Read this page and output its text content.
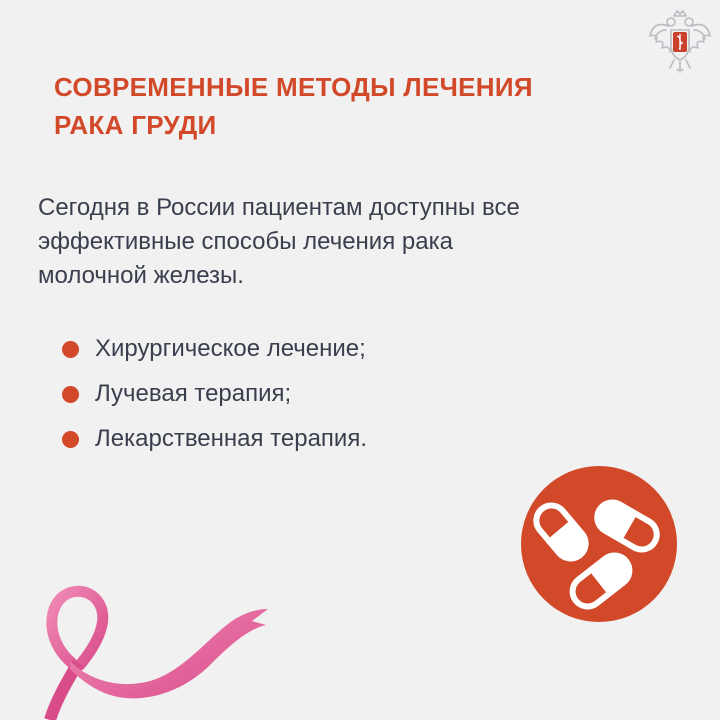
СОВРЕМЕННЫЕ МЕТОДЫ ЛЕЧЕНИЯ
РАКА ГРУДИ

Сегодня в России пациентам доступны все
эффективные способы лечения рака
молочной железы.

Хирургическое лечение;
Лучевая терапия;
Лекарственная терапия.
